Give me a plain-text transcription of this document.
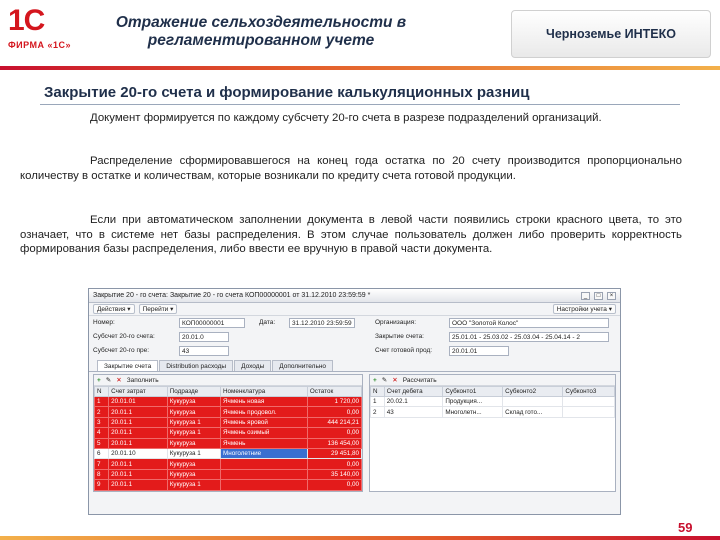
1С
ФИРМА «1С»
Отражение сельхоздеятельности в регламентированном учете	Черноземье ИНТЕКО
Закрытие 20-го счета и формирование калькуляционных разниц
Документ формируется по каждому субсчету 20-го счета в разрезе подразделений организаций.
Распределение сформировавшегося на конец года остатка по 20 счету производится пропорционально количеству в остатке и количествам, которые возникали по кредиту счета готовой продукции.
Если при автоматическом заполнении документа в левой части появились строки красного цвета, то это означает, что в системе нет базы распределения. В этом случае пользователь должен либо проверить корректность формирования базы распределения, либо ввести ее вручную в правой части документа.
Закрытие 20 - го счета: Закрытие 20 - го счета КОП00000001 от 31.12.2010 23:59:59 *	_	□	×
Действия ▾	Перейти ▾	Настройки учета ▾
Номер:	КОП00000001	Дата:	31.12.2010 23:59:59	Организация:	ООО "Золотой Колос"
Субсчет 20-го счета:	20.01.0	Закрытие счета:	25.01.01 - 25.03.02 - 25.03.04 - 25.04.14 - 2
Субсчет 20-го пре:	43	Счет готовой прод:	20.01.01
Закрытие счета	Distribution расходы	Доходы	Дополнительно
+ ✎ ✕ Заполнить
N	Счет затрат	Подразде	Номенклатура	Остаток
1	20.01.01	Кукуруза	Ячмень новая	1 720,00
2	20.01.1	Кукуруза	Ячмень продовол.	0,00
3	20.01.1	Кукуруза 1	Ячмень яровой	444 214,21
4	20.01.1	Кукуруза 1	Ячмень озимый	0,00
5	20.01.1	Кукуруза	Ячмень	136 454,00
6	20.01.10	Кукуруза 1	Многолетние	29 451,80
7	20.01.1	Кукуруза		0,00
8	20.01.1	Кукуруза		35 140,00
9	20.01.1	Кукуруза 1		0,00
+ ✎ ✕ Рассчитать
N	Счет дебета	Субконто1	Субконто2	Субконто3
1	20.02.1	Продукция...		
2	43	Многолетн...	Склад гото...	
59
